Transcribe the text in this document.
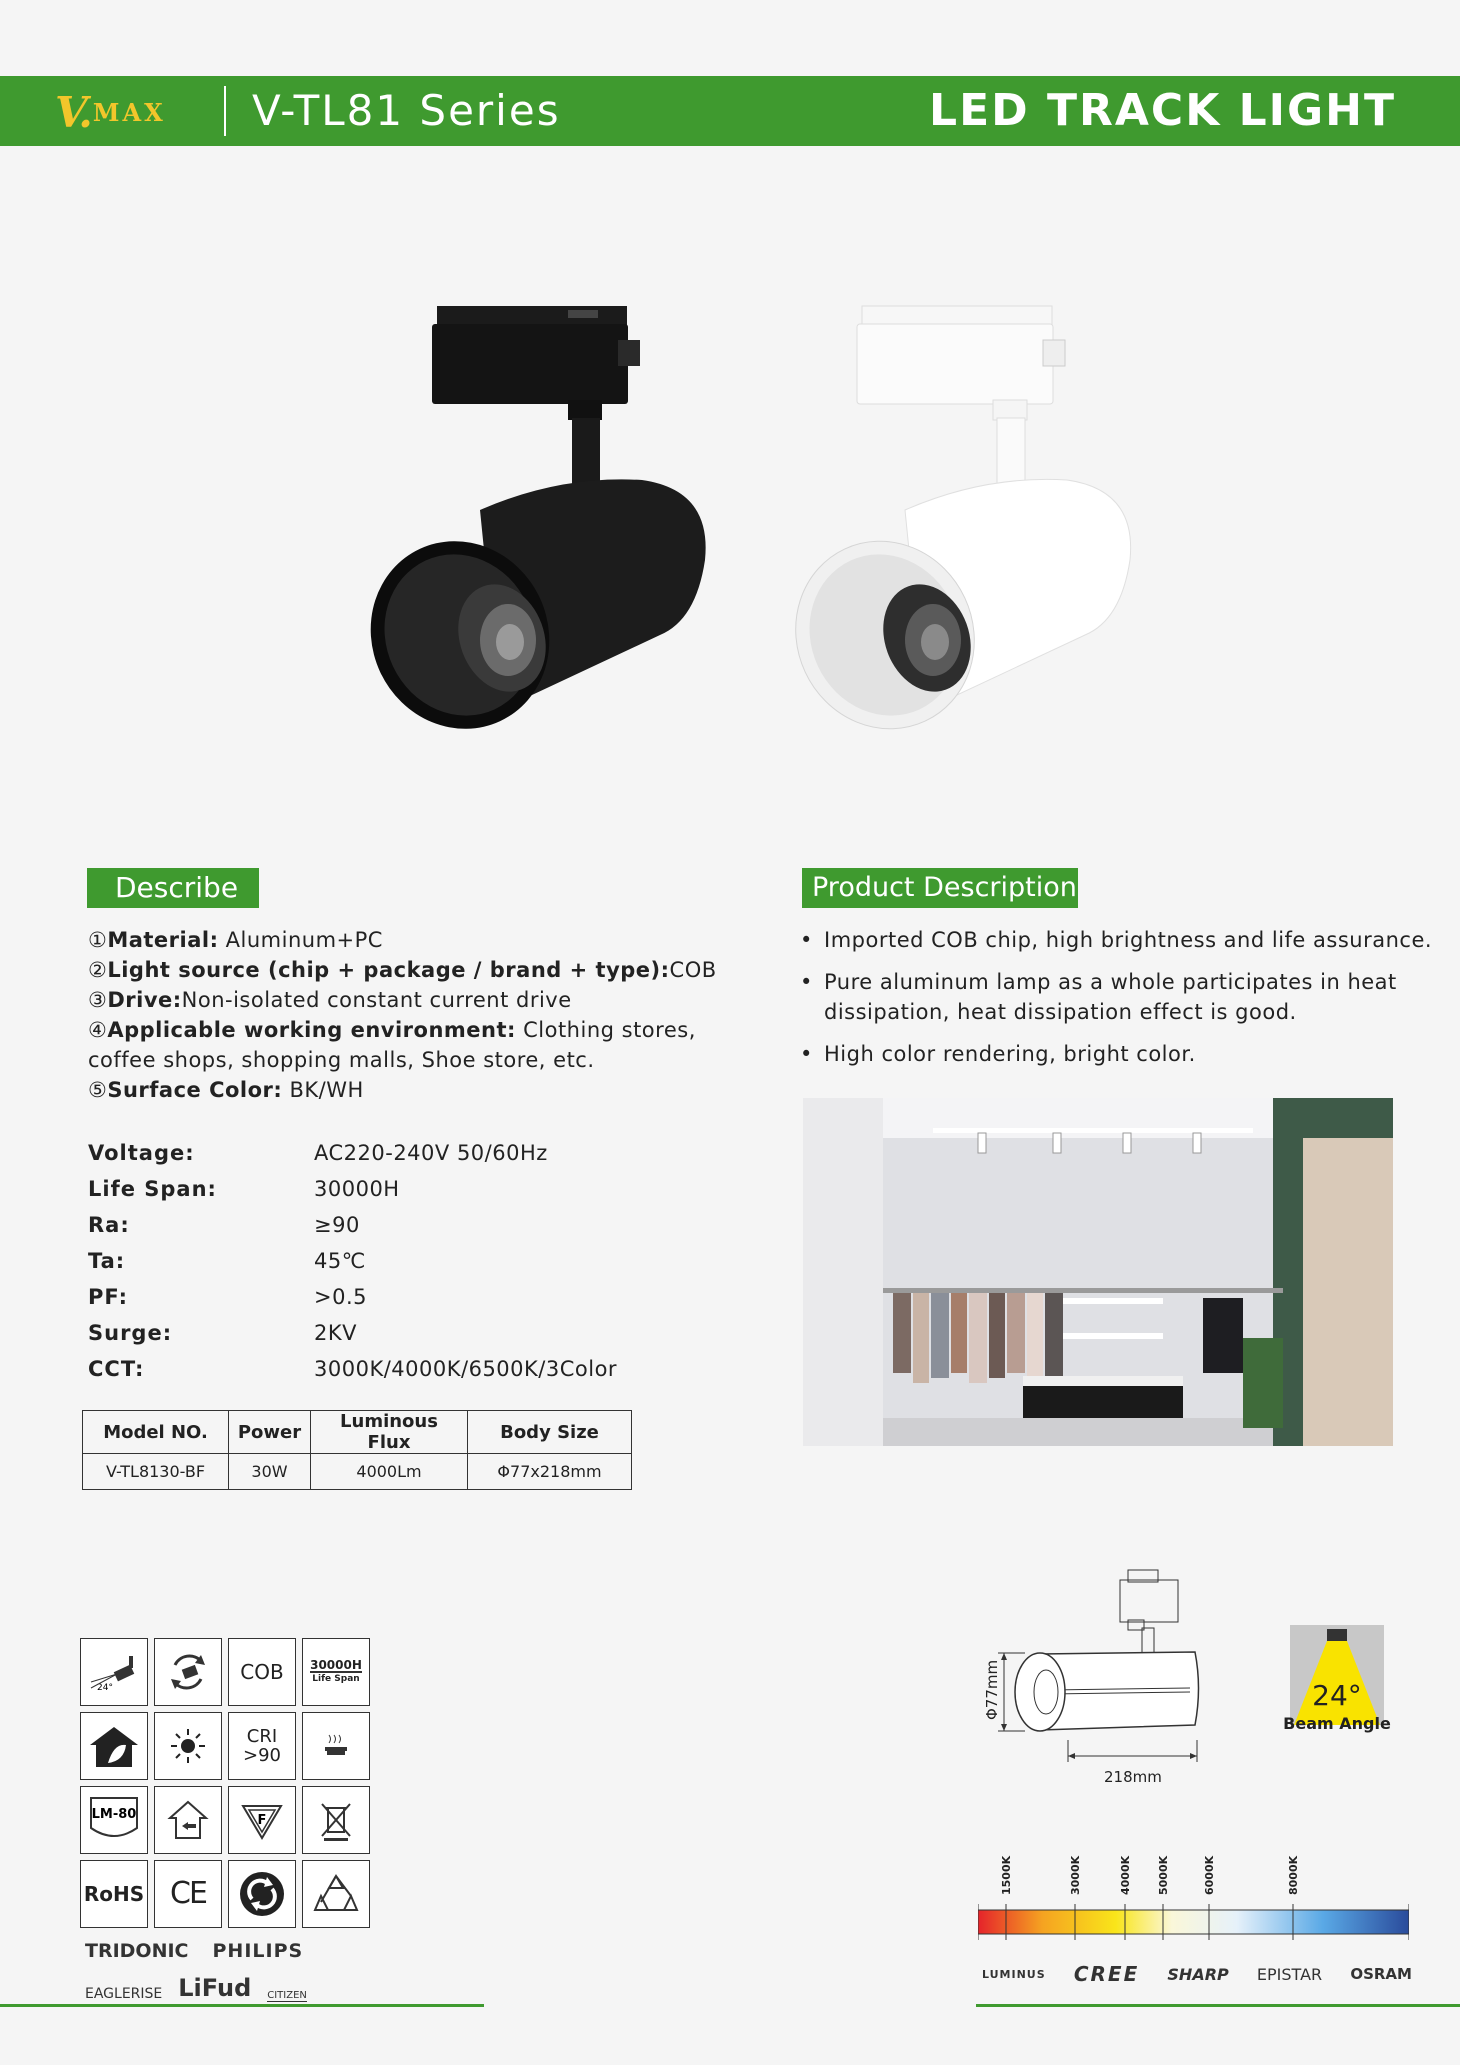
V. MAX V-TL81 Series	LED TRACK LIGHT
Describe
①Material: Aluminum+PC
②Light source (chip + package / brand + type):COB
③Drive:Non-isolated constant current drive
④Applicable working environment: Clothing stores, coffee shops, shopping malls, Shoe store, etc.
⑤Surface Color: BK/WH
Voltage:	AC220-240V 50/60Hz
Life Span:	30000H
Ra:	≥90
Ta:	45℃
PF:	>0.5
Surge:	2KV
CCT:	3000K/4000K/6500K/3Color
Model NO.	Power	Luminous Flux	Body Size
V-TL8130-BF	30W	4000Lm	Φ77x218mm
Product Description
• Imported COB chip, high brightness and life assurance.
• Pure aluminum lamp as a whole participates in heat dissipation, heat dissipation effect is good.
• High color rendering, bright color.
24°
COB 30000H
Life Span
CRI
>90
LM-80	F
RoHS CE
TRIDONIC PHILIPS
EAGLERISE LiFud CITIZEN
Φ77mm
218mm
24°
Beam Angle
1500K	3000K	4000K 5000K	6000K	8000K
LUMINUS CREE SHARP EPISTAR OSRAM
